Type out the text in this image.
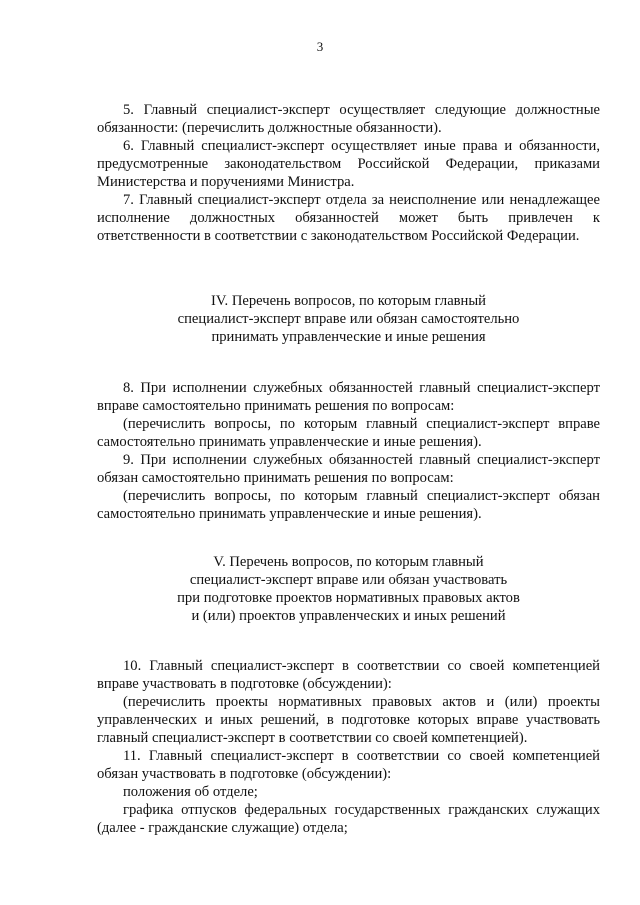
3

5. Главный специалист-эксперт осуществляет следующие должностные обязанности: (перечислить должностные обязанности).

6. Главный специалист-эксперт осуществляет иные права и обязанности, предусмотренные законодательством Российской Федерации, приказами Министерства и поручениями Министра.

7. Главный специалист-эксперт отдела за неисполнение или ненадлежащее исполнение должностных обязанностей может быть привлечен к ответственности в соответствии с законодательством Российской Федерации.

IV. Перечень вопросов, по которым главный
специалист-эксперт вправе или обязан самостоятельно
принимать управленческие и иные решения

8. При исполнении служебных обязанностей главный специалист-эксперт вправе самостоятельно принимать решения по вопросам:

(перечислить вопросы, по которым главный специалист-эксперт вправе самостоятельно принимать управленческие и иные решения).

9. При исполнении служебных обязанностей главный специалист-эксперт обязан самостоятельно принимать решения по вопросам:

(перечислить вопросы, по которым главный специалист-эксперт обязан самостоятельно принимать управленческие и иные решения).

V. Перечень вопросов, по которым главный
специалист-эксперт вправе или обязан участвовать
при подготовке проектов нормативных правовых актов
и (или) проектов управленческих и иных решений

10. Главный специалист-эксперт в соответствии со своей компетенцией вправе участвовать в подготовке (обсуждении):

(перечислить проекты нормативных правовых актов и (или) проекты управленческих и иных решений, в подготовке которых вправе участвовать главный специалист-эксперт в соответствии со своей компетенцией).

11. Главный специалист-эксперт в соответствии со своей компетенцией обязан участвовать в подготовке (обсуждении):

положения об отделе;

графика отпусков федеральных государственных гражданских служащих (далее - гражданские служащие) отдела;
